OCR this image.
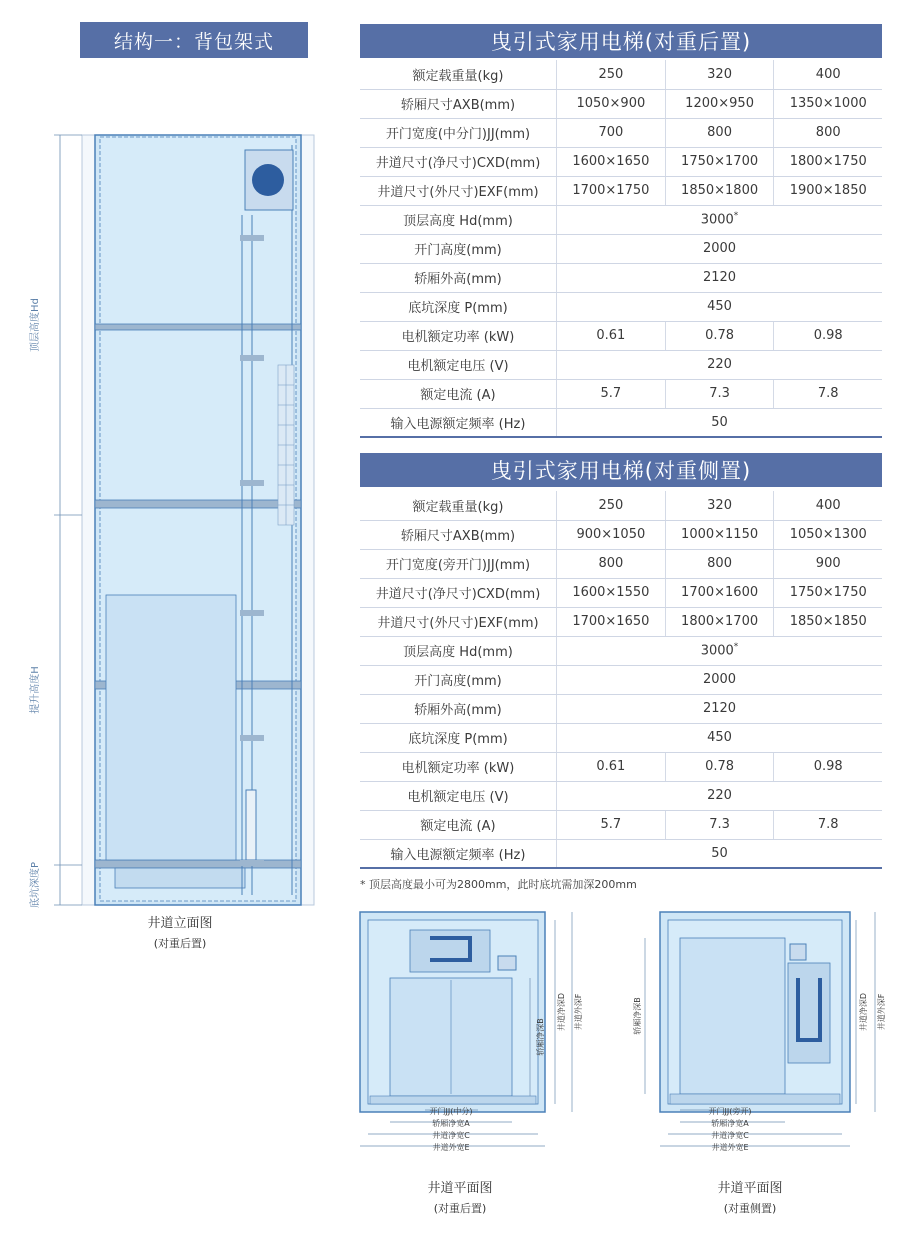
结构一：背包架式
顶层高度Hd
提升高度H
底坑深度P
井道立面图
(对重后置)
曳引式家用电梯(对重后置)
额定载重量(kg)	250	320	400
轿厢尺寸AXB(mm)	1050×900	1200×950	1350×1000
开门宽度(中分门)JJ(mm)	700	800	800
井道尺寸(净尺寸)CXD(mm)	1600×1650	1750×1700	1800×1750
井道尺寸(外尺寸)EXF(mm)	1700×1750	1850×1800	1900×1850
顶层高度 Hd(mm)	3000*
开门高度(mm)	2000		
轿厢外高(mm)	2120		
底坑深度 P(mm)	450		
电机额定功率 (kW)	0.61	0.78	0.98
电机额定电压 (V)	220		
额定电流 (A)	5.7	7.3	7.8
输入电源额定频率 (Hz)	50		
曳引式家用电梯(对重侧置)
额定载重量(kg)	250	320	400
轿厢尺寸AXB(mm)	900×1050	1000×1150	1050×1300
开门宽度(旁开门)JJ(mm)	800	800	900
井道尺寸(净尺寸)CXD(mm)	1600×1550	1700×1600	1750×1750
井道尺寸(外尺寸)EXF(mm)	1700×1650	1800×1700	1850×1850
顶层高度 Hd(mm)	3000*
开门高度(mm)	2000		
轿厢外高(mm)	2120		
底坑深度 P(mm)	450		
电机额定功率 (kW)	0.61	0.78	0.98
电机额定电压 (V)	220		
额定电流 (A)	5.7	7.3	7.8
输入电源额定频率 (Hz)	50		
* 顶层高度最小可为2800mm，此时底坑需加深200mm
开门JJ(中分)
轿厢净宽A
井道净宽C
井道外宽E
轿厢净深B
井道净深D 井道外深F
井道平面图
(对重后置)
开门JJ(旁开)
轿厢净宽A
井道净宽C
井道外宽E
轿厢净深B	井道净深D 井道外深F
井道平面图
(对重侧置)
